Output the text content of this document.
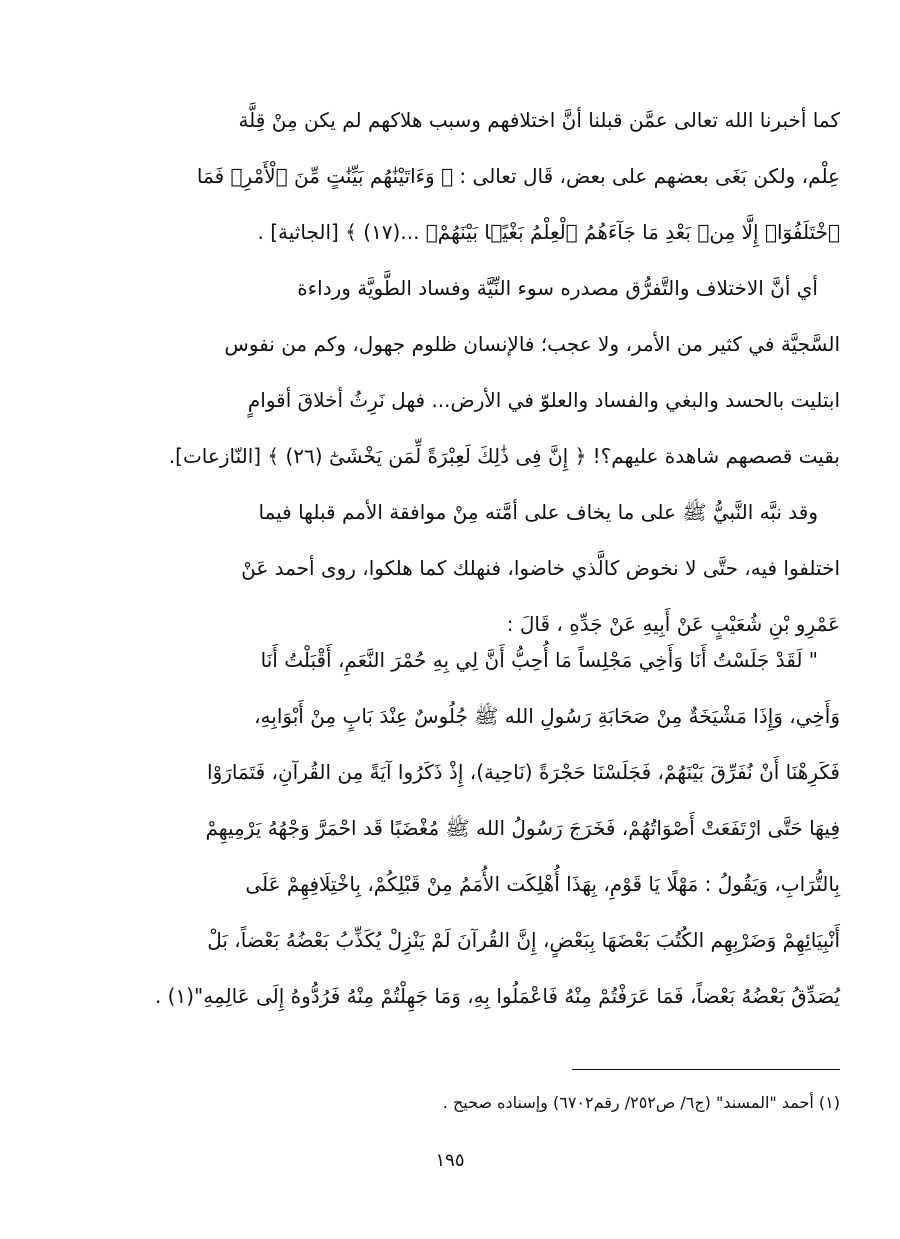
كما أخبرنا الله تعالى عمَّن قبلنا أنَّ اختلافهم وسبب هلاكهم لم يكن مِنْ قِلَّة
عِلْم، ولكن بَغَى بعضهم على بعض، قَال تعالى : ﴿ وَءَاتَيْنَٰهُم بَيِّنَٰتٍ مِّنَ ٱلْأَمْرِۖ فَمَا
ٱخْتَلَفُوٓا۟ إِلَّا مِنۢ بَعْدِ مَا جَآءَهُمُ ٱلْعِلْمُ بَغْيًۢا بَيْنَهُمْۚ ...(١٧) ﴾ [الجاثية] .
أي أنَّ الاختلاف والتَّفرُّق مصدره سوء النِّيَّة وفساد الطَّويَّة ورداءة
السَّجيَّة في كثير من الأمر، ولا عجب؛ فالإنسان ظلوم جهول، وكم من نفوس
ابتليت بالحسد والبغي والفساد والعلوّ في الأرض... فهل نَرِثُ أخلاقَ أقوامٍ
بقيت قصصهم شاهدة عليهم؟! ﴿ إِنَّ فِى ذَٰلِكَ لَعِبْرَةً لِّمَن يَخْشَىٰٓ (٢٦) ﴾ [النّازعات].
وقد نبَّه النَّبيُّ ﷺ على ما يخاف على أمَّته مِنْ موافقة الأمم قبلها فيما
اختلفوا فيه، حتَّى لا نخوض كالَّذي خاضوا، فنهلك كما هلكوا، روى أحمد عَنْ
عَمْرِو بْنِ شُعَيْبٍ عَنْ أَبِيهِ عَنْ جَدِّهِ ، قَالَ :
" لَقَدْ جَلَسْتُ أَنَا وَأَخِي مَجْلِساً مَا أُحِبُّ أَنَّ لِي بِهِ حُمْرَ النَّعَمِ، أَقْبَلْتُ أَنَا
وَأَخِي، وَإِذَا مَشْيَخَةٌ مِنْ صَحَابَةِ رَسُولِ الله ﷺ جُلُوسٌ عِنْدَ بَابٍ مِنْ أَبْوَابِهِ،
فَكَرِهْنَا أَنْ نُفَرِّقَ بَيْنَهُمْ، فَجَلَسْنَا حَجْرَةً (نَاحِية)، إِذْ ذَكَرُوا آيَةً مِن القُرآنِ، فَتَمَارَوْا
فِيهَا حَتَّى ارْتَفَعَتْ أَصْوَاتُهُمْ، فَخَرَجَ رَسُولُ الله ﷺ مُغْضَبًا قَد احْمَرَّ وَجْهُهُ يَرْمِيهِمْ
بِالتُّرَابِ، وَيَقُولُ : مَهْلًا يَا قَوْمِ، بِهَذَا أُهْلِكَت الأُمَمُ مِنْ قَبْلِكُمْ، بِاخْتِلَافِهِمْ عَلَى
أَنْبِيَائِهِمْ وَضَرْبِهِم الكُتُبَ بَعْضَهَا بِبَعْضٍ، إِنَّ القُرآنَ لَمْ يَنْزِلْ يُكَذِّبُ بَعْضُهُ بَعْضاً، بَلْ
يُصَدِّقُ بَعْضُهُ بَعْضاً، فَمَا عَرَفْتُمْ مِنْهُ فَاعْمَلُوا بِهِ، وَمَا جَهِلْتُمْ مِنْهُ فَرُدُّوهُ إِلَى عَالِمِهِ"(١) .
(١) أحمد "المسند" (ج٦/ ص٢٥٢/ رقم٦٧٠٢) وإسناده صحيح .
١٩٥
